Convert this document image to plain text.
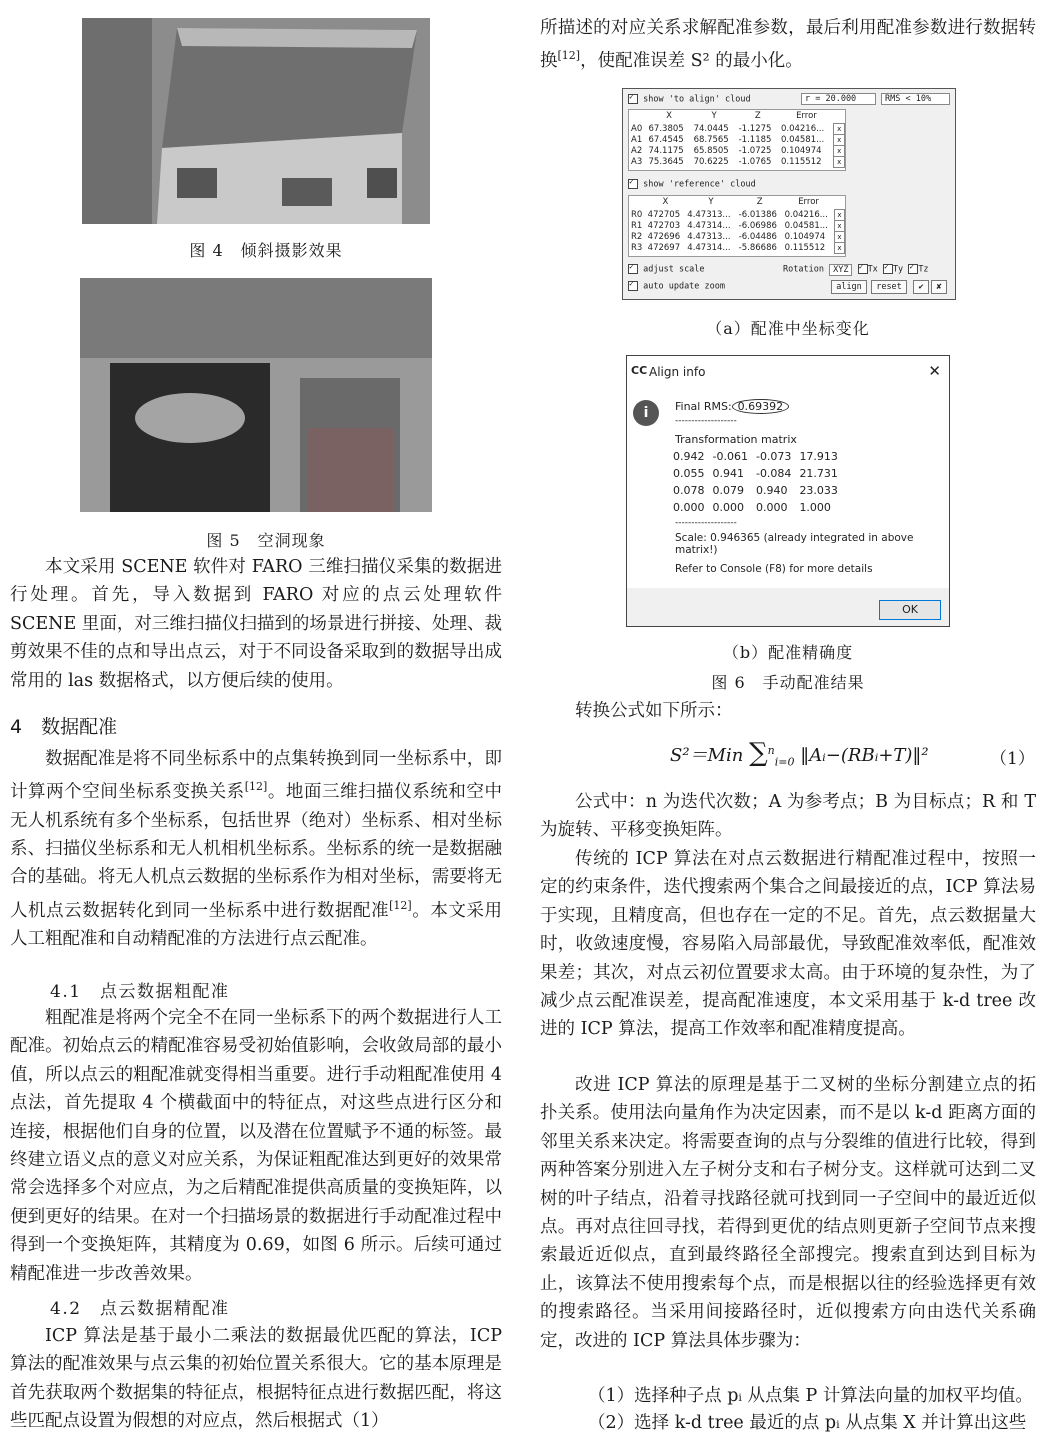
图 4　倾斜摄影效果
图 5　空洞现象

本文采用 SCENE 软件对 FARO 三维扫描仪采集的数据进行处理。首先，导入数据到 FARO 对应的点云处理软件 SCENE 里面，对三维扫描仪扫描到的场景进行拼接、处理、裁剪效果不佳的点和导出点云，对于不同设备采取到的数据导出成常用的 las 数据格式，以方便后续的使用。

4　数据配准

数据配准是将不同坐标系中的点集转换到同一坐标系中，即计算两个空间坐标系变换关系[12]。地面三维扫描仪系统和空中无人机系统有多个坐标系，包括世界（绝对）坐标系、相对坐标系、扫描仪坐标系和无人机相机坐标系。坐标系的统一是数据融合的基础。将无人机点云数据的坐标系作为相对坐标，需要将无人机点云数据转化到同一坐标系中进行数据配准[12]。本文采用人工粗配准和自动精配准的方法进行点云配准。

4.1　点云数据粗配准

粗配准是将两个完全不在同一坐标系下的两个数据进行人工配准。初始点云的精配准容易受初始值影响，会收敛局部的最小值，所以点云的粗配准就变得相当重要。进行手动粗配准使用 4 点法，首先提取 4 个横截面中的特征点，对这些点进行区分和连接，根据他们自身的位置，以及潜在位置赋予不通的标签。最终建立语义点的意义对应关系，为保证粗配准达到更好的效果常常会选择多个对应点，为之后精配准提供高质量的变换矩阵，以便到更好的结果。在对一个扫描场景的数据进行手动配准过程中得到一个变换矩阵，其精度为 0.69，如图 6 所示。后续可通过精配准进一步改善效果。

4.2　点云数据精配准

ICP 算法是基于最小二乘法的数据最优匹配的算法，ICP 算法的配准效果与点云集的初始位置关系很大。它的基本原理是首先获取两个数据集的特征点，根据特征点进行数据匹配，将这些匹配点设置为假想的对应点，然后根据式（1）

所描述的对应关系求解配准参数，最后利用配准参数进行数据转换[12]，使配准误差 S² 的最小化。

✓ show 'to align' cloud	r = 20.000	RMS < 10%
	X	Y	Z	Error	
A0	67.3805	74.0445	-1.1275	0.04216...	x
A1	67.4545	68.7565	-1.1185	0.04581...	x
A2	74.1175	65.8505	-1.0725	0.104974	x
A3	75.3645	70.6225	-1.0765	0.115512	x
✓ show 'reference' cloud
	X	Y	Z	Error	
R0	472705	4.47313...	-6.01386	0.04216...	x
R1	472703	4.47314...	-6.06986	0.04581...	x
R2	472696	4.47313...	-6.04486	0.104974	x
R3	472697	4.47314...	-5.86686	0.115512	x
✓ adjust scale	Rotation XYZ ✓ Tx ✓ Ty ✓ Tz
✓ auto update zoom	align	reset	✔	✘
（a）配准中坐标变化
CC Align info	✕
i	Final RMS: 0.69392
-------------------
Transformation matrix
0.942	-0.061	-0.073	17.913
0.055	0.941	-0.084	21.731
0.078	0.079	0.940	23.033
0.000	0.000	0.000	1.000
-------------------
Scale: 0.946365 (already integrated in above matrix!)
Refer to Console (F8) for more details
OK
（b）配准精确度
图 6　手动配准结果

转换公式如下所示：

S²＝Min ∑$^n_{i=0}$ ‖Aᵢ−(RBᵢ+T)‖²	（1）

公式中：n 为迭代次数；A 为参考点；B 为目标点；R 和 T 为旋转、平移变换矩阵。

传统的 ICP 算法在对点云数据进行精配准过程中，按照一定的约束条件，迭代搜索两个集合之间最接近的点，ICP 算法易于实现，且精度高，但也存在一定的不足。首先，点云数据量大时，收敛速度慢，容易陷入局部最优，导致配准效率低，配准效果差；其次，对点云初位置要求太高。由于环境的复杂性，为了减少点云配准误差，提高配准速度，本文采用基于 k-d tree 改进的 ICP 算法，提高工作效率和配准精度提高。

改进 ICP 算法的原理是基于二叉树的坐标分割建立点的拓扑关系。使用法向量角作为决定因素，而不是以 k-d 距离方面的邻里关系来决定。将需要查询的点与分裂维的值进行比较，得到两种答案分别进入左子树分支和右子树分支。这样就可达到二叉树的叶子结点，沿着寻找路径就可找到同一子空间中的最近近似点。再对点往回寻找，若得到更优的结点则更新子空间节点来搜索最近近似点，直到最终路径全部搜完。搜索直到达到目标为止，该算法不使用搜索每个点，而是根据以往的经验选择更有效的搜索路径。当采用间接路径时，近似搜索方向由迭代关系确定，改进的 ICP 算法具体步骤为：

（1）选择种子点 pᵢ 从点集 P 计算法向量的加权平均值。

（2）选择 k-d tree 最近的点 pᵢ 从点集 X 并计算出这些
